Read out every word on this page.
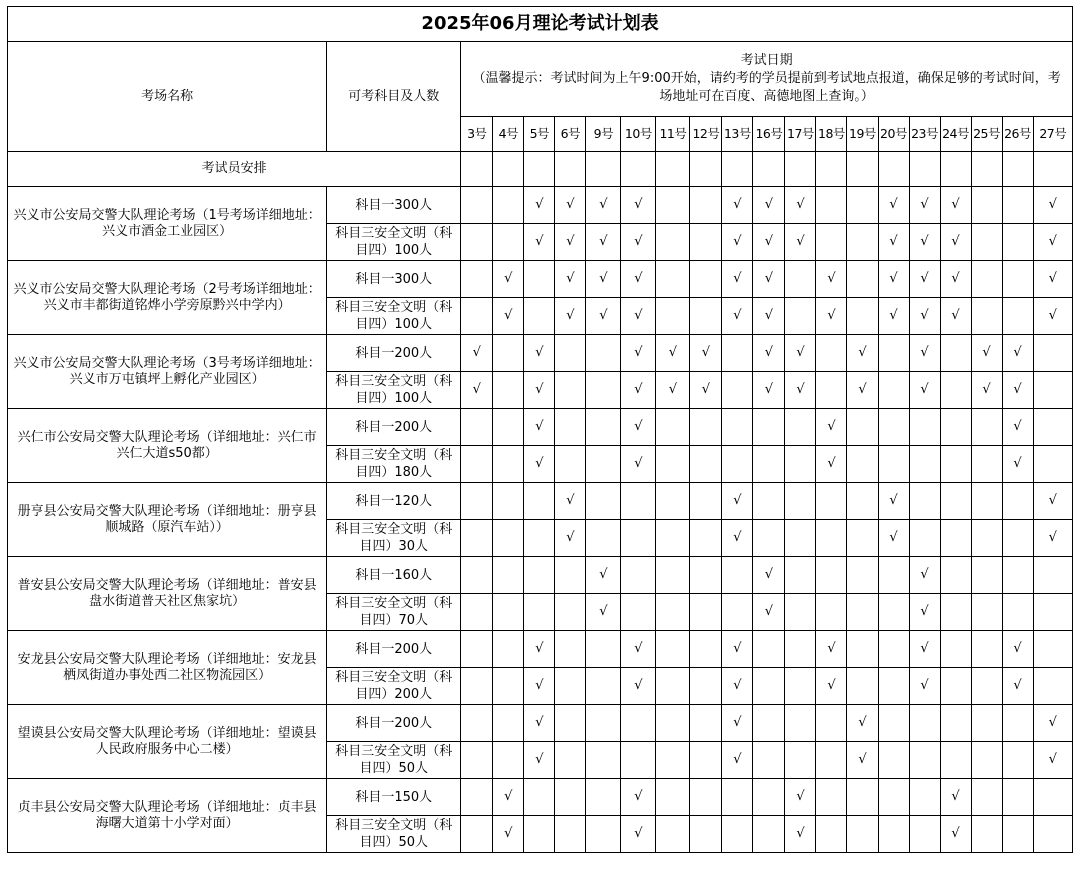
2025年06月理论考试计划表																				
考场名称	可考科目及人数	考试日期
（温馨提示：考试时间为上午9:00开始，请约考的学员提前到考试地点报道，确保足够的考试时间，考场地址可在百度、高德地图上查询。）																		

		3号	4号	5号	6号	9号	10号	11号	12号	13号	16号	17号	18号	19号	20号	23号	24号	25号	26号	27号
考试员安排																				
兴义市公安局交警大队理论考场（1号考场详细地址：兴义市酒金工业园区）	科目一300人			√	√	√	√			√	√	√			√	√	√			√
	科目三安全文明（科目四）100人			√	√	√	√			√	√	√			√	√	√			√
兴义市公安局交警大队理论考场（2号考场详细地址：兴义市丰都街道铭烨小学旁原黔兴中学内）	科目一300人		√		√	√	√			√	√		√		√	√	√			√
	科目三安全文明（科目四）100人		√		√	√	√			√	√		√		√	√	√			√
兴义市公安局交警大队理论考场（3号考场详细地址：兴义市万屯镇坪上孵化产业园区）	科目一200人	√		√			√	√	√		√	√		√		√		√	√	
	科目三安全文明（科目四）100人	√		√			√	√	√		√	√		√		√		√	√	
兴仁市公安局交警大队理论考场（详细地址：兴仁市兴仁大道s50都）	科目一200人			√			√						√						√	
	科目三安全文明（科目四）180人			√			√						√						√	
册亨县公安局交警大队理论考场（详细地址：册亨县顺城路（原汽车站））	科目一120人				√					√					√					√
	科目三安全文明（科目四）30人				√					√					√					√
普安县公安局交警大队理论考场（详细地址：普安县盘水街道普天社区焦家坑）	科目一160人					√					√					√				
	科目三安全文明（科目四）70人					√					√					√				
安龙县公安局交警大队理论考场（详细地址：安龙县栖凤街道办事处西二社区物流园区）	科目一200人			√			√			√			√			√			√	
	科目三安全文明（科目四）200人			√			√			√			√			√			√	
望谟县公安局交警大队理论考场（详细地址：望谟县人民政府服务中心二楼）	科目一200人			√						√				√						√
	科目三安全文明（科目四）50人			√						√				√						√
贞丰县公安局交警大队理论考场（详细地址：贞丰县海曙大道第十小学对面）	科目一150人		√				√					√					√			
	科目三安全文明（科目四）50人		√				√					√					√			
